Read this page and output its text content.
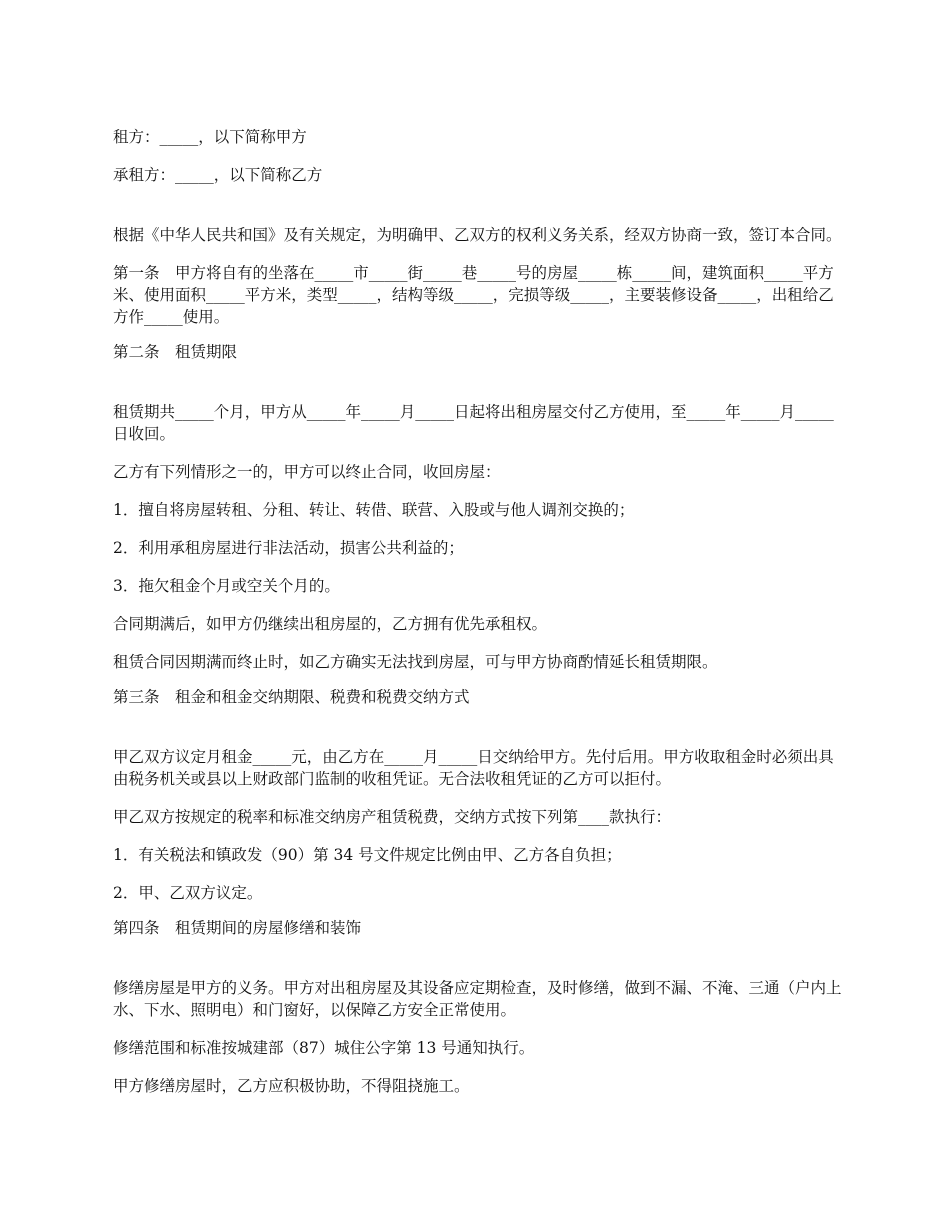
租方：_____，以下简称甲方

承租方：_____，以下简称乙方

根据《中华人民共和国》及有关规定，为明确甲、乙双方的权利义务关系，经双方协商一致，签订本合同。

第一条　甲方将自有的坐落在_____市_____街_____巷_____号的房屋_____栋_____间，建筑面积_____平方米、使用面积_____平方米，类型_____，结构等级_____，完损等级_____，主要装修设备_____，出租给乙方作_____使用。

第二条　租赁期限

租赁期共_____个月，甲方从_____年_____月_____日起将出租房屋交付乙方使用，至_____年_____月_____日收回。

乙方有下列情形之一的，甲方可以终止合同，收回房屋：

1．擅自将房屋转租、分租、转让、转借、联营、入股或与他人调剂交换的；

2．利用承租房屋进行非法活动，损害公共利益的；

3．拖欠租金个月或空关个月的。

合同期满后，如甲方仍继续出租房屋的，乙方拥有优先承租权。

租赁合同因期满而终止时，如乙方确实无法找到房屋，可与甲方协商酌情延长租赁期限。

第三条　租金和租金交纳期限、税费和税费交纳方式

甲乙双方议定月租金_____元，由乙方在_____月_____日交纳给甲方。先付后用。甲方收取租金时必须出具由税务机关或县以上财政部门监制的收租凭证。无合法收租凭证的乙方可以拒付。

甲乙双方按规定的税率和标准交纳房产租赁税费，交纳方式按下列第____款执行：

1．有关税法和镇政发（90）第 34 号文件规定比例由甲、乙方各自负担；

2．甲、乙双方议定。

第四条　租赁期间的房屋修缮和装饰

修缮房屋是甲方的义务。甲方对出租房屋及其设备应定期检查，及时修缮，做到不漏、不淹、三通（户内上水、下水、照明电）和门窗好，以保障乙方安全正常使用。

修缮范围和标准按城建部（87）城住公字第 13 号通知执行。

甲方修缮房屋时，乙方应积极协助，不得阻挠施工。
